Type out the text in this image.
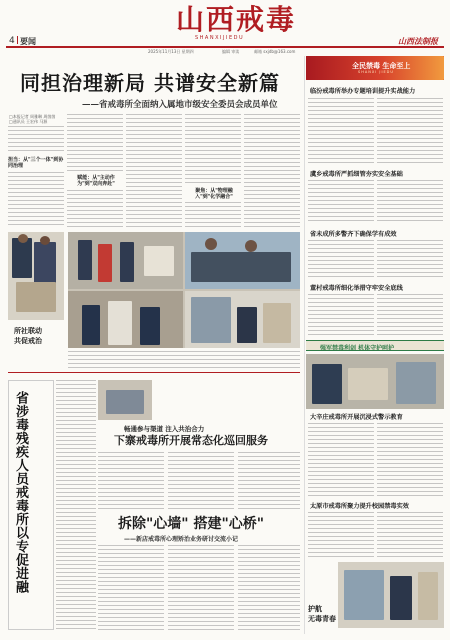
4 要闻
山西戒毒
SHANXIJIEDU	山西法制报
2025年11月13日 星期四	编辑 审读	邮箱 sxjdb@163.com
同担治理新局 共谱安全新篇
——省戒毒所全面纳入属地市级安全委员会成员单位
□本报记者 周雅琳 周茵茵
□通讯员 王宏伟 马源
担当：从"三个一体"到协同治理
赋能：从"主动作为"到"双向奔赴"
聚焦：从"物理融入"到"化学融合"
所社联动
共促戒治
省涉毒残疾人员戒毒所以专促进融	畅通参与渠道 注入共治合力
下寨戒毒所开展常态化巡回服务
拆除"心墙" 搭建"心桥"
——新店戒毒所心理矫治业务研讨交流小记
全民禁毒 生命至上
SHANXI JIEDU
临汾戒毒所举办专题培训提升实战能力
虞乡戒毒所严抓细管夯实安全基础
省未成所多警齐下确保学有成效
董村戒毒所细化举措守牢安全底线
强军禁毒利剑 机体守护呵护
大辛庄戒毒所开展沉浸式警示教育
太原市戒毒所聚力提升校园禁毒实效
护航
无毒青春
